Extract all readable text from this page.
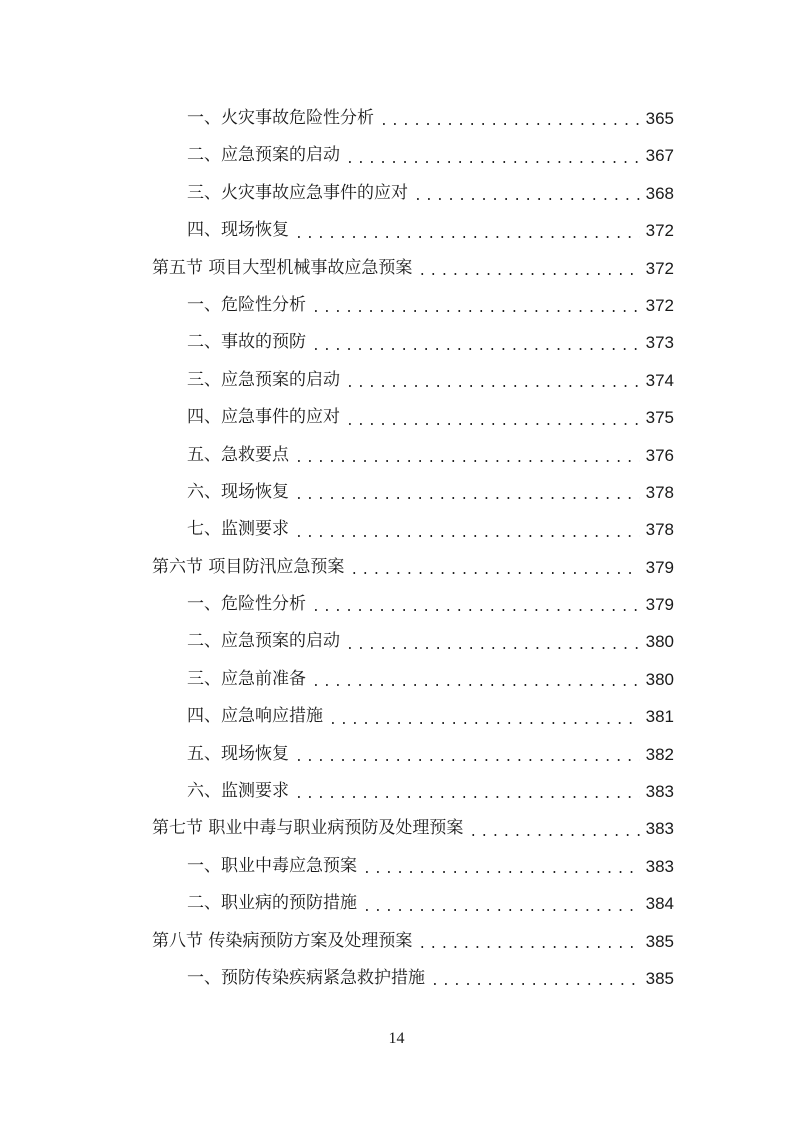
一、火灾事故危险性分析 .....	365
二、应急预案的启动 .....	367
三、火灾事故应急事件的应对 .....	368
四、现场恢复 .....	372
第五节 项目大型机械事故应急预案 .....	372
一、危险性分析 .....	372
二、事故的预防 .....	373
三、应急预案的启动 .....	374
四、应急事件的应对 .....	375
五、急救要点 .....	376
六、现场恢复 .....	378
七、监测要求 .....	378
第六节 项目防汛应急预案 .....	379
一、危险性分析 .....	379
二、应急预案的启动 .....	380
三、应急前准备 .....	380
四、应急响应措施 .....	381
五、现场恢复 .....	382
六、监测要求 .....	383
第七节 职业中毒与职业病预防及处理预案 .....	383
一、职业中毒应急预案 .....	383
二、职业病的预防措施 .....	384
第八节 传染病预防方案及处理预案 .....	385
一、预防传染疾病紧急救护措施 .....	385
14
